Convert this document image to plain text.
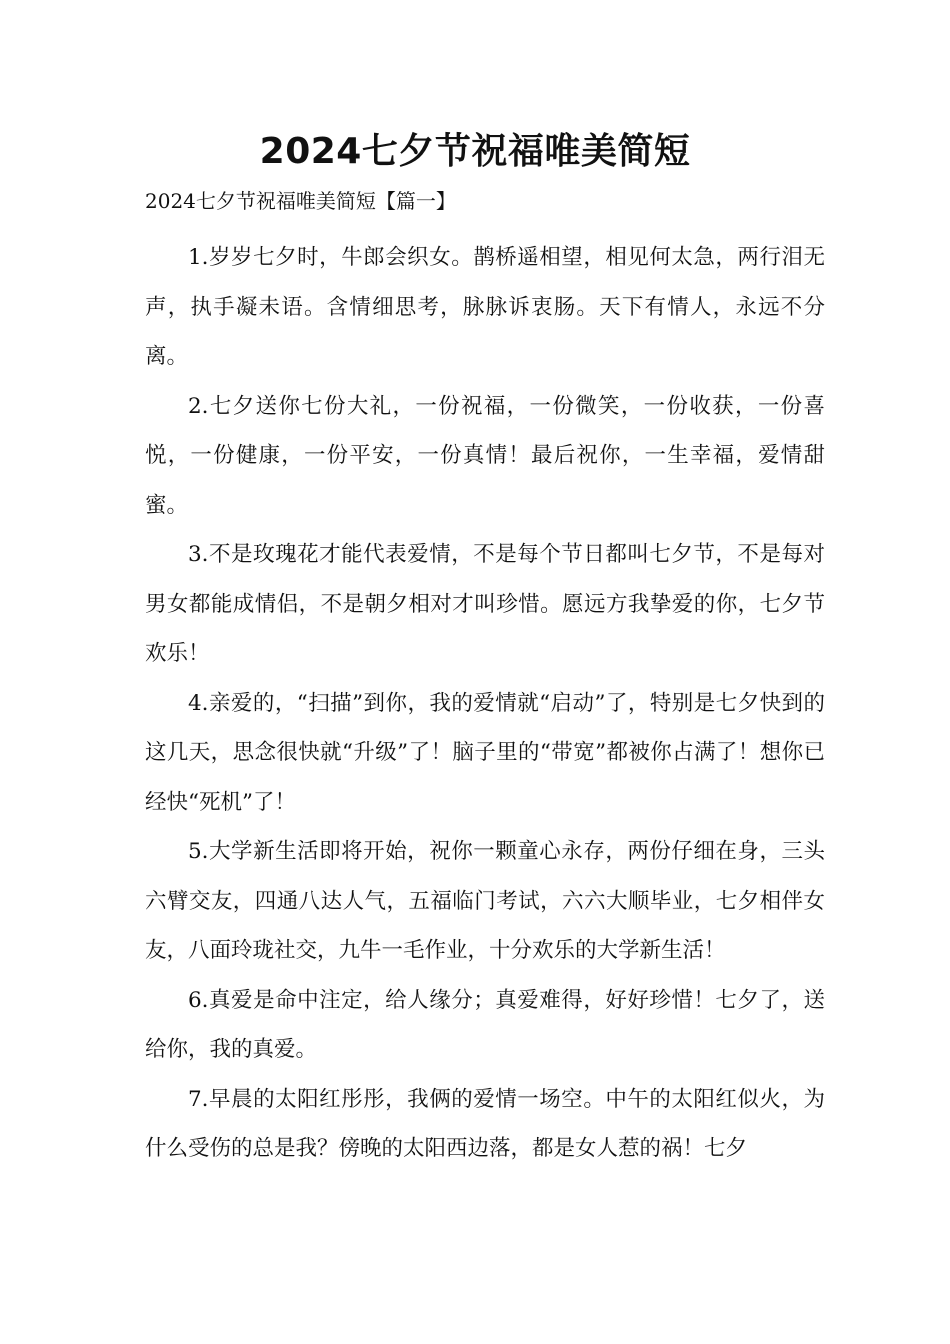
2024七夕节祝福唯美简短

2024七夕节祝福唯美简短【篇一】

1.岁岁七夕时，牛郎会织女。鹊桥遥相望，相见何太急，两行泪无声，执手凝未语。含情细思考，脉脉诉衷肠。天下有情人，永远不分离。

2.七夕送你七份大礼，一份祝福，一份微笑，一份收获，一份喜悦，一份健康，一份平安，一份真情！最后祝你，一生幸福，爱情甜蜜。

3.不是玫瑰花才能代表爱情，不是每个节日都叫七夕节，不是每对男女都能成情侣，不是朝夕相对才叫珍惜。愿远方我挚爱的你，七夕节欢乐！

4.亲爱的，“扫描”到你，我的爱情就“启动”了，特别是七夕快到的这几天，思念很快就“升级”了！脑子里的“带宽”都被你占满了！想你已经快“死机”了！

5.大学新生活即将开始，祝你一颗童心永存，两份仔细在身，三头六臂交友，四通八达人气，五福临门考试，六六大顺毕业，七夕相伴女友，八面玲珑社交，九牛一毛作业，十分欢乐的大学新生活！

6.真爱是命中注定，给人缘分；真爱难得，好好珍惜！七夕了，送给你，我的真爱。

7.早晨的太阳红彤彤，我俩的爱情一场空。中午的太阳红似火，为什么受伤的总是我？傍晚的太阳西边落，都是女人惹的祸！七夕
